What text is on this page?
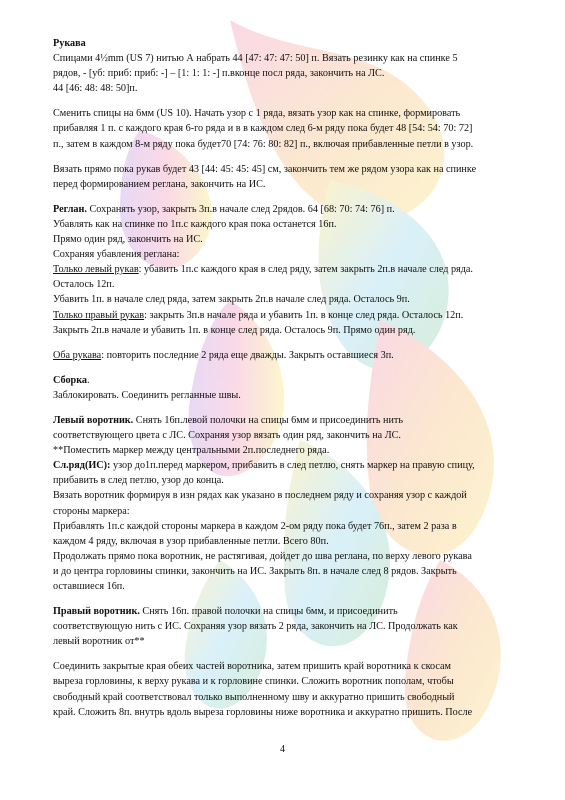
Рукава

Спицами 4½mm (US 7) нитью А набрать 44 [47: 47: 47: 50] п. Вязать резинку как на спинке 5

рядов, - [уб: приб: приб: -] – [1: 1: 1: -] п.вконце посл ряда, закончить на ЛС.

44 [46: 48: 48: 50]п.

Сменить спицы на 6мм (US 10). Начать узор с 1 ряда, вязать узор как на спинке, формировать

прибавляя 1 п. с каждого края 6-го ряда и в в каждом след 6-м ряду пока будет 48 [54: 54: 70: 72]

п., затем в каждом 8-м ряду пока будет70 [74: 76: 80: 82] п., включая прибавленные петли в узор.

Вязать прямо пока рукав будет 43 [44: 45: 45: 45] см, закончить тем же рядом узора как на спинке

перед формированием реглана, закончить на ИС.

Реглан. Сохранять узор, закрыть 3п.в начале след 2рядов. 64 [68: 70: 74: 76] п.

Убавлять как на спинке по 1п.с каждого края пока останется 16п.

Прямо один ряд, закончить на ИС.

Сохраняя убавления реглана:

Только левый рукав: убавить 1п.с каждого края в след ряду, затем закрыть 2п.в начале след ряда.

Осталось 12п.

Убавить 1п. в начале след ряда, затем закрыть 2п.в начале след ряда. Осталось 9п.

Только правый рукав: закрыть 3п.в начале ряда и убавить 1п. в конце след ряда. Осталось 12п.

Закрыть 2п.в начале и убавить 1п. в конце след ряда. Осталось 9п. Прямо один ряд.

Оба рукава: повторить последние 2 ряда еще дважды. Закрыть оставшиеся 3п.

Сборка.

Заблокировать. Соединить регланные швы.

Левый воротник. Снять 16п.левой полочки на спицы 6мм и присоединить нить

соответствующего цвета с ЛС. Сохраняя узор вязать один ряд, закончить на ЛС.

**Поместить маркер между центральными 2п.последнего ряда.

Сл.ряд(ИС): узор до1п.перед маркером, прибавить в след петлю, снять маркер на правую спицу,

прибавить в след петлю, узор до конца.

Вязать воротник формируя в изн рядах как указано в последнем ряду и сохраняя узор с каждой

стороны маркера:

Прибавлять 1п.с каждой стороны маркера в каждом 2-ом ряду пока будет 76п., затем 2 раза в

каждом 4 ряду, включая в узор прибавленные петли. Всего 80п.

Продолжать прямо пока воротник, не растягивая, дойдет до шва реглана, по верху левого рукава

и до центра горловины спинки, закончить на ИС. Закрыть 8п. в начале след 8 рядов. Закрыть

оставшиеся 16п.

Правый воротник. Снять 16п. правой полочки на спицы 6мм, и присоединить

соответствующую нить с ИС. Сохраняя узор вязать 2 ряда, закончить на ЛС. Продолжать как

левый воротник от**

Соединить закрытые края обеих частей воротника, затем пришить край воротника к скосам

выреза горловины, к верху рукава и к горловине спинки. Сложить воротник пополам, чтобы

свободный край соответствовал только выполненному шву и аккуратно пришить свободный

край. Сложить 8п. внутрь вдоль выреза горловины ниже воротника и аккуратно пришить. После

4
